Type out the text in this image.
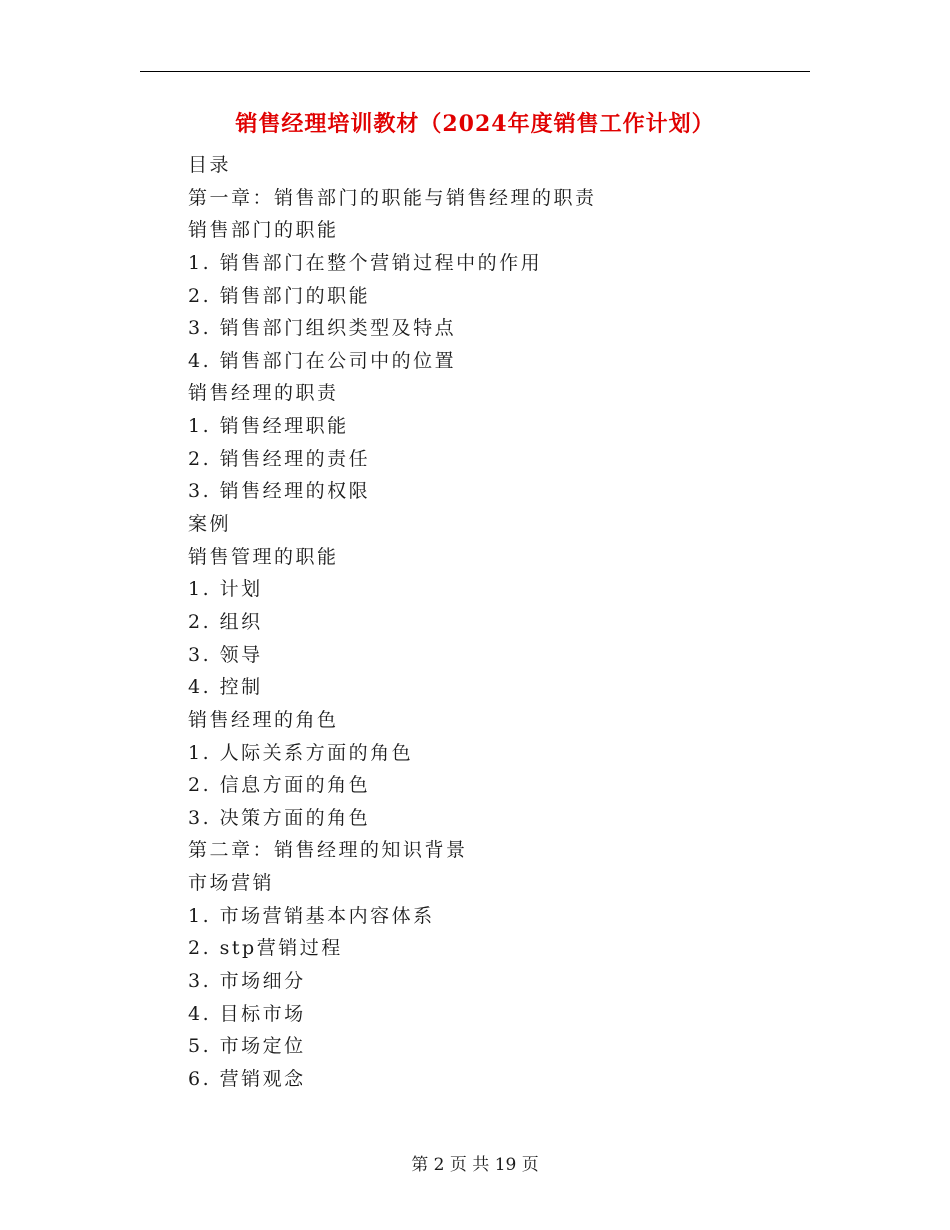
销售经理培训教材（2024年度销售工作计划）
目录
第一章：销售部门的职能与销售经理的职责
销售部门的职能
1. 销售部门在整个营销过程中的作用
2. 销售部门的职能
3. 销售部门组织类型及特点
4. 销售部门在公司中的位置
销售经理的职责
1. 销售经理职能
2. 销售经理的责任
3. 销售经理的权限
案例
销售管理的职能
1. 计划
2. 组织
3. 领导
4. 控制
销售经理的角色
1. 人际关系方面的角色
2. 信息方面的角色
3. 决策方面的角色
第二章：销售经理的知识背景
市场营销
1. 市场营销基本内容体系
2. stp营销过程
3. 市场细分
4. 目标市场
5. 市场定位
6. 营销观念
第 2 页 共 19 页
